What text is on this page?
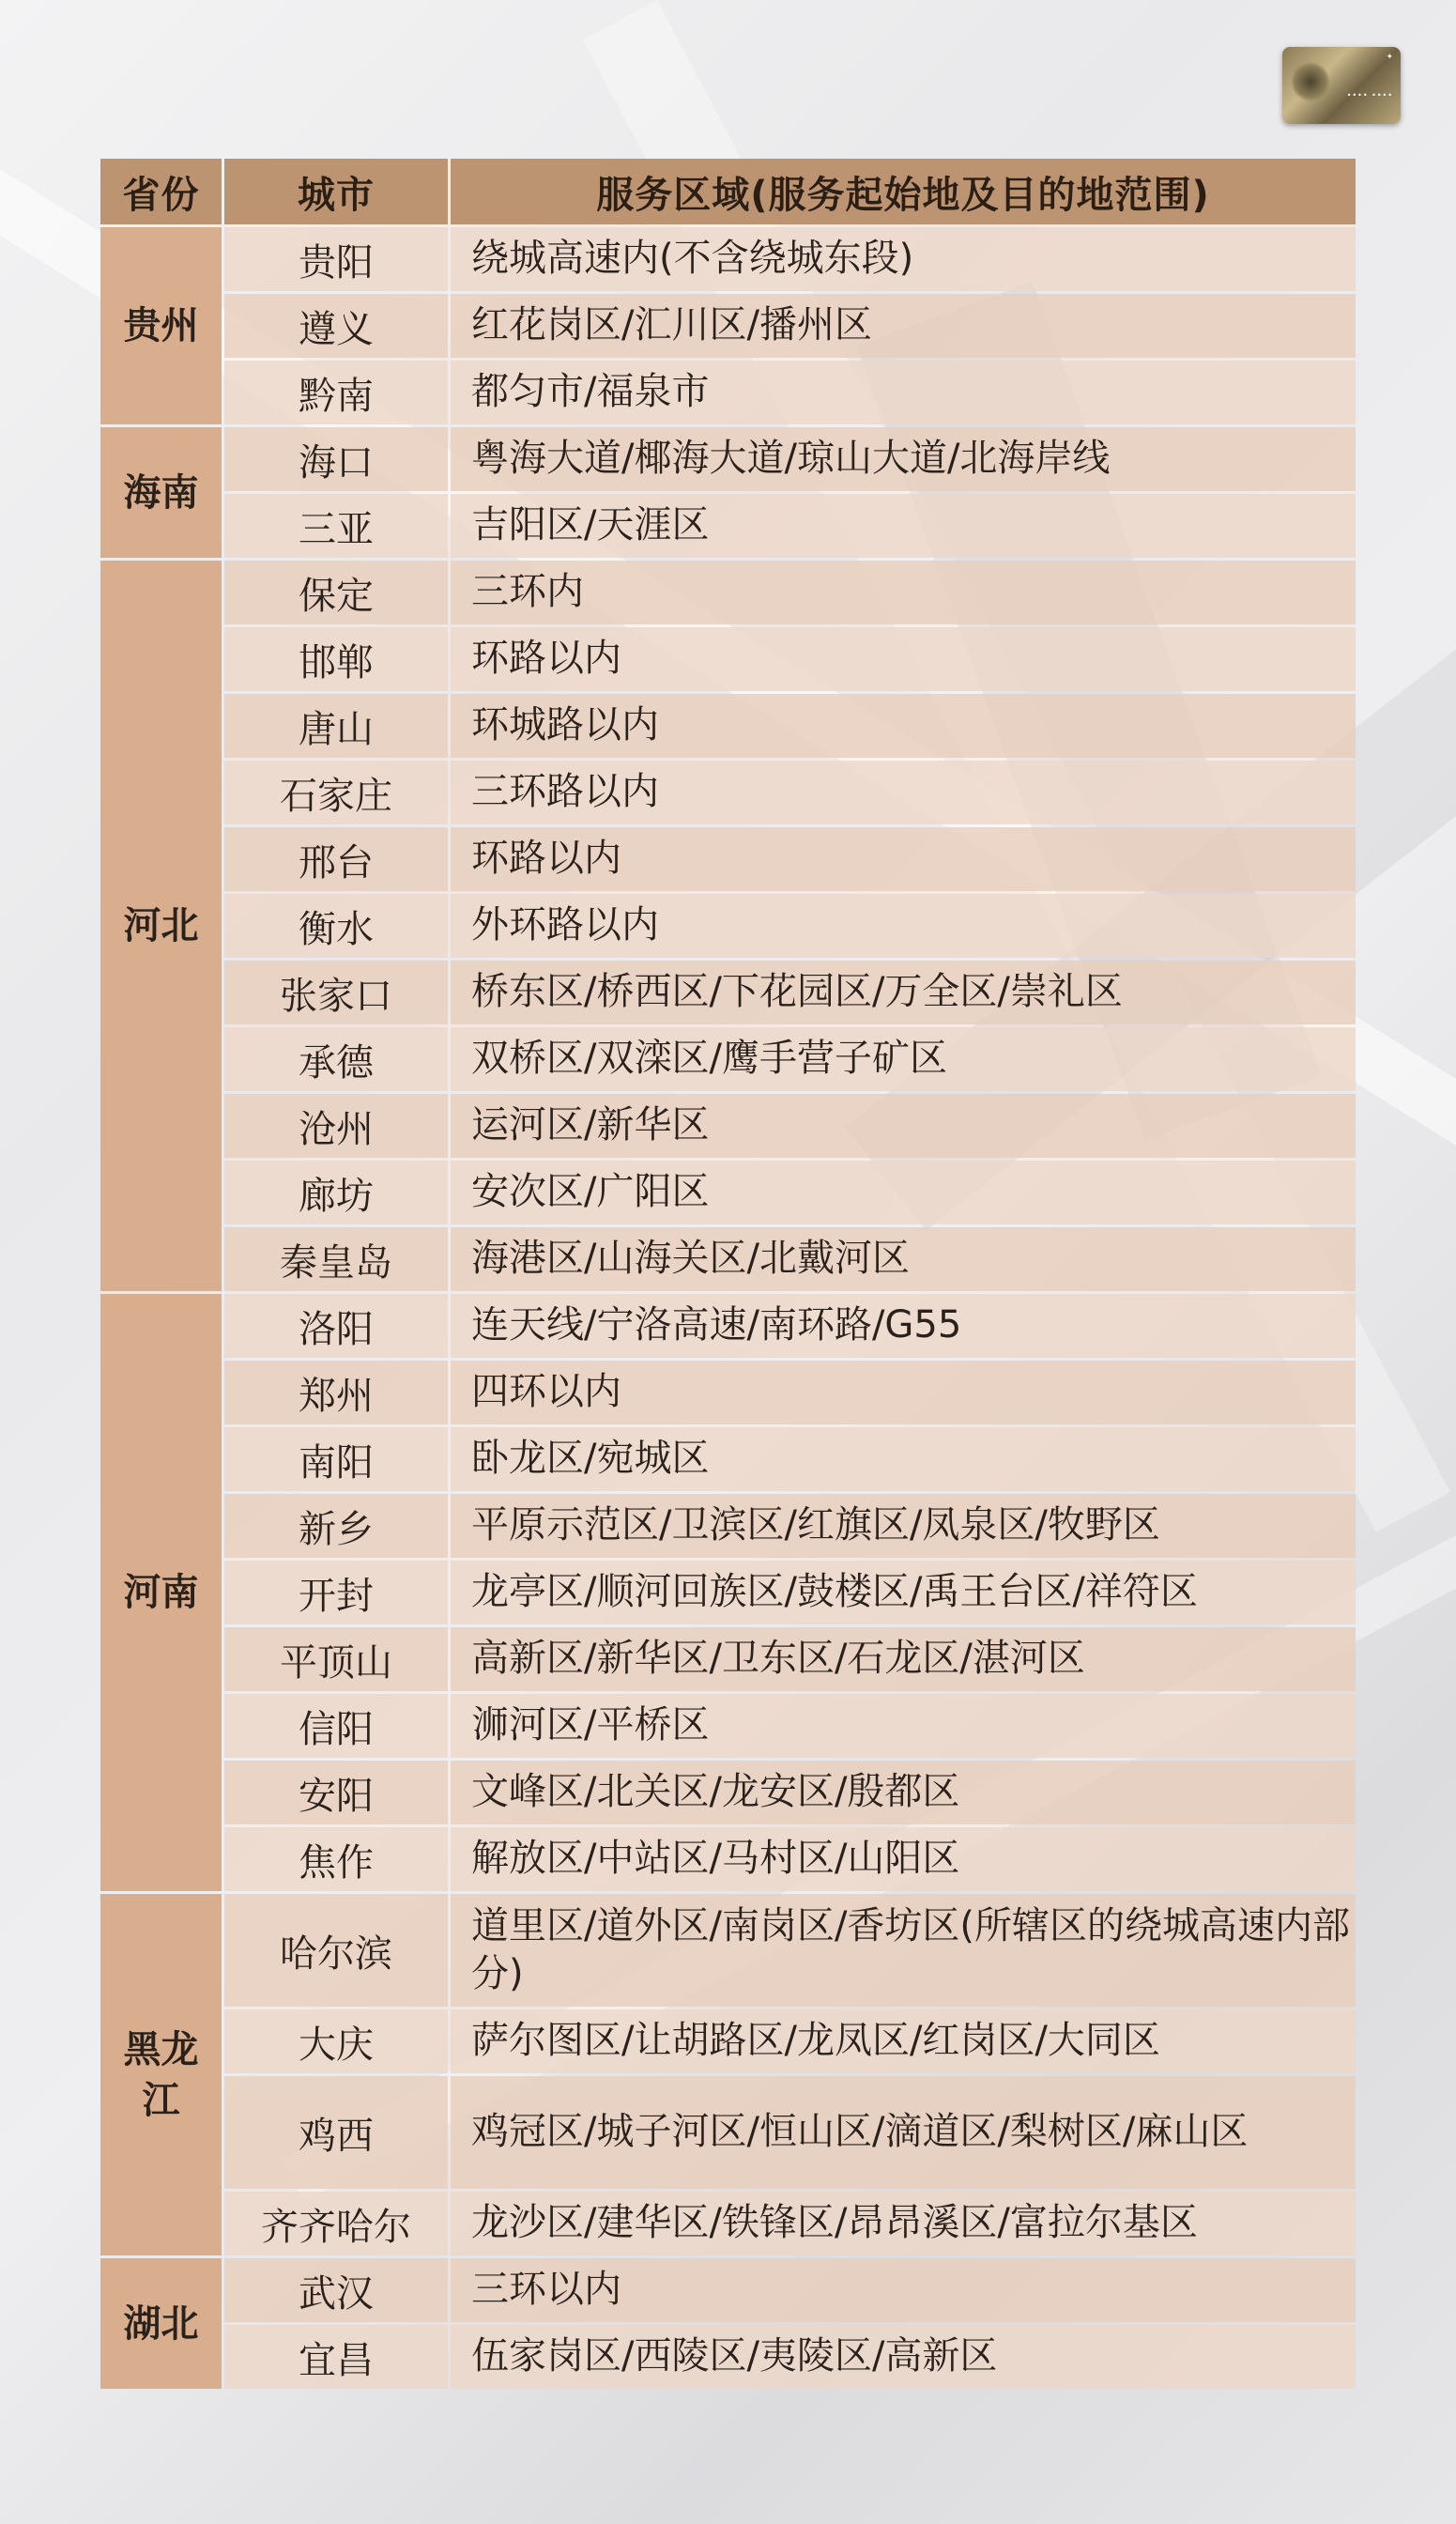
✦
•••• ••••
省份	城市	服务区域(服务起始地及目的地范围)
贵州	贵阳	绕城高速内(不含绕城东段)
	遵义	红花岗区/汇川区/播州区
	黔南	都匀市/福泉市
海南	海口	粤海大道/椰海大道/琼山大道/北海岸线
	三亚	吉阳区/天涯区
河北	保定	三环内
	邯郸	环路以内
	唐山	环城路以内
	石家庄	三环路以内
	邢台	环路以内
	衡水	外环路以内
	张家口	桥东区/桥西区/下花园区/万全区/崇礼区
	承德	双桥区/双滦区/鹰手营子矿区
	沧州	运河区/新华区
	廊坊	安次区/广阳区
	秦皇岛	海港区/山海关区/北戴河区
河南	洛阳	连天线/宁洛高速/南环路/G55
	郑州	四环以内
	南阳	卧龙区/宛城区
	新乡	平原示范区/卫滨区/红旗区/凤泉区/牧野区
	开封	龙亭区/顺河回族区/鼓楼区/禹王台区/祥符区
	平顶山	高新区/新华区/卫东区/石龙区/湛河区
	信阳	浉河区/平桥区
	安阳	文峰区/北关区/龙安区/殷都区
	焦作	解放区/中站区/马村区/山阳区
黑龙江	哈尔滨	道里区/道外区/南岗区/香坊区(所辖区的绕城高速内部分)
	大庆	萨尔图区/让胡路区/龙凤区/红岗区/大同区
	鸡西	鸡冠区/城子河区/恒山区/滴道区/梨树区/麻山区
	齐齐哈尔	龙沙区/建华区/铁锋区/昂昂溪区/富拉尔基区
湖北	武汉	三环以内
	宜昌	伍家岗区/西陵区/夷陵区/高新区
